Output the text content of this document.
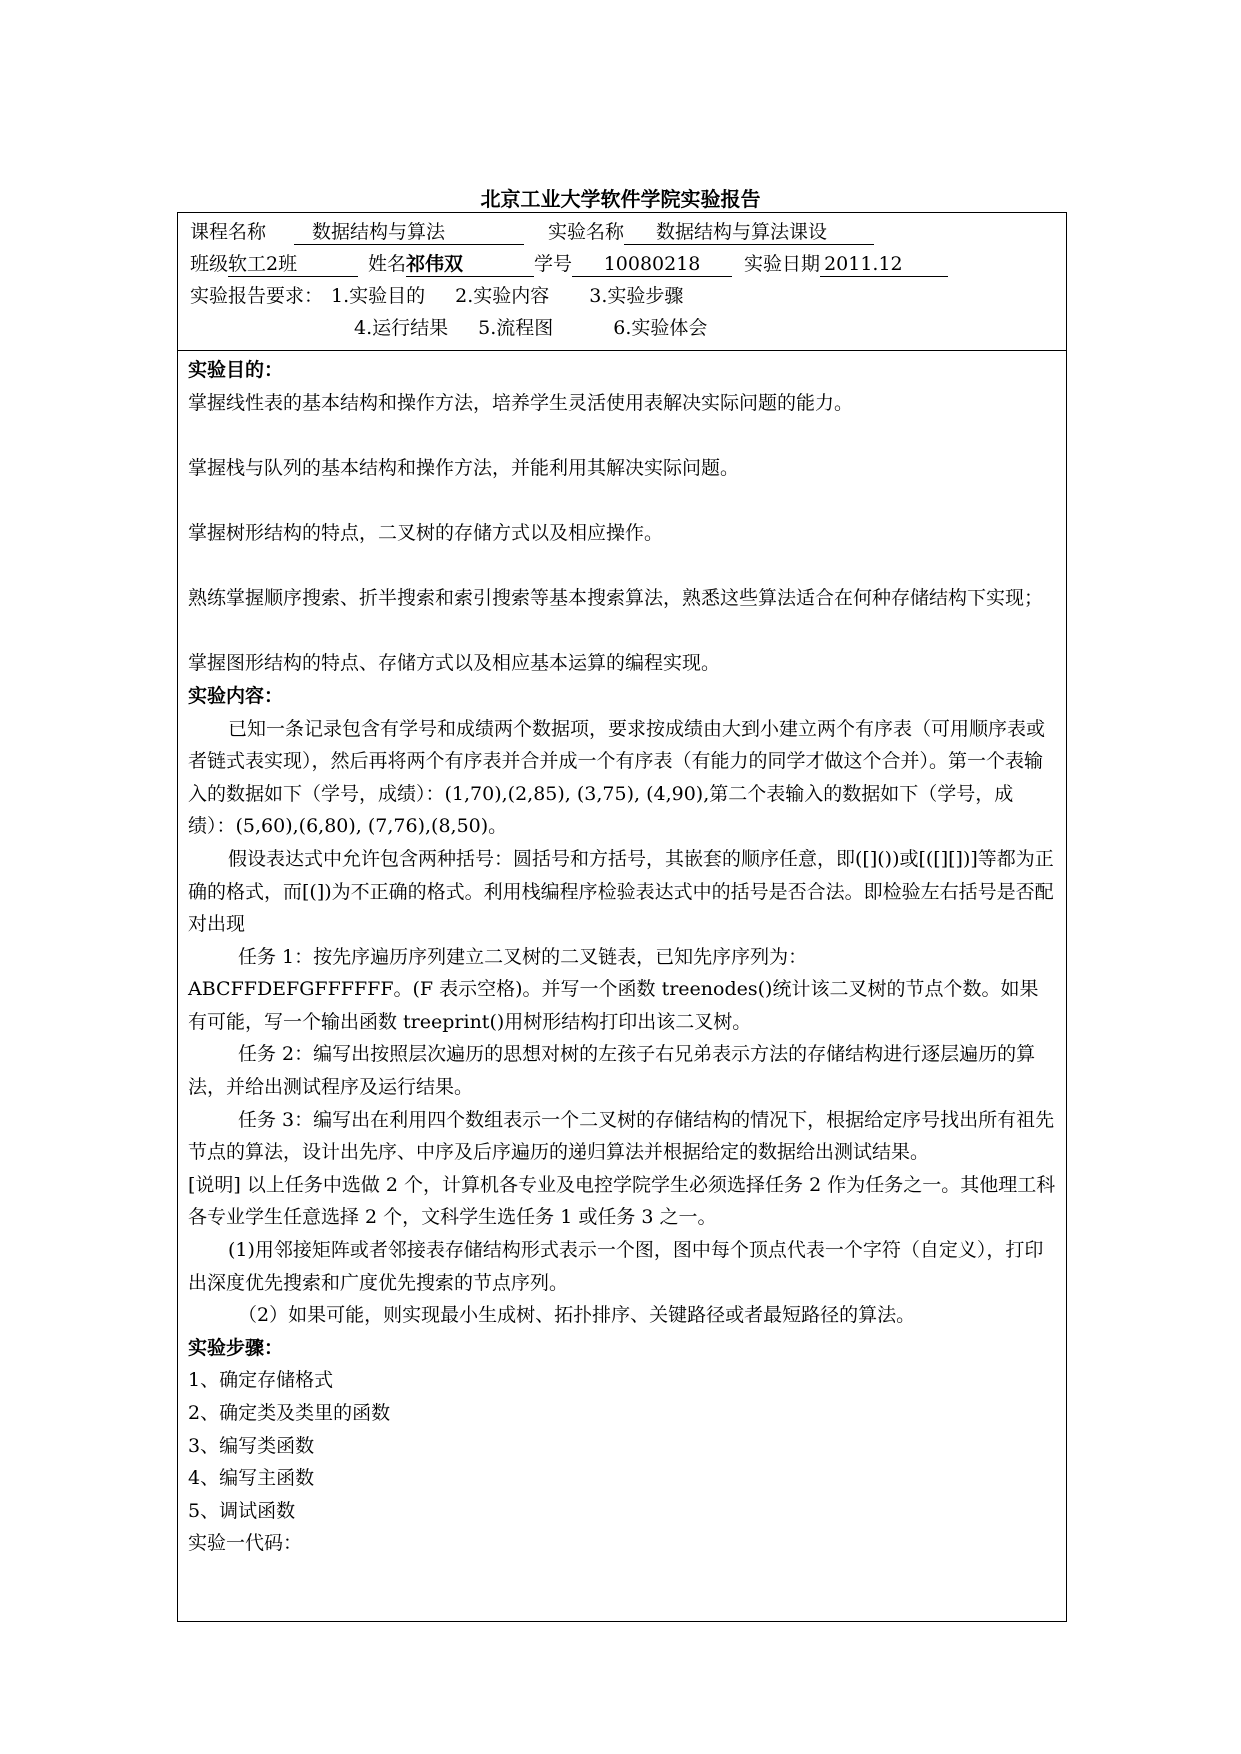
北京工业大学软件学院实验报告
课程名称 数据结构与算法	实验名称 数据结构与算法课设
班级软工2班	姓名祁伟双	学号 10080218 实验日期 2011.12
实验报告要求： 1.实验目的 2.实验内容 3.实验步骤
4.运行结果 5.流程图	6.实验体会

实验目的：

掌握线性表的基本结构和操作方法，培养学生灵活使用表解决实际问题的能力。

掌握栈与队列的基本结构和操作方法，并能利用其解决实际问题。

掌握树形结构的特点，二叉树的存储方式以及相应操作。

熟练掌握顺序搜索、折半搜索和索引搜索等基本搜索算法，熟悉这些算法适合在何种存储结构下实现；

掌握图形结构的特点、存储方式以及相应基本运算的编程实现。

实验内容：

已知一条记录包含有学号和成绩两个数据项，要求按成绩由大到小建立两个有序表（可用顺序表或者链式表实现），然后再将两个有序表并合并成一个有序表（有能力的同学才做这个合并）。第一个表输入的数据如下（学号，成绩）：(1,70),(2,85), (3,75), (4,90),第二个表输入的数据如下（学号，成绩）：(5,60),(6,80), (7,76),(8,50)。

假设表达式中允许包含两种括号：圆括号和方括号，其嵌套的顺序任意，即([]())或[([][])]等都为正确的格式，而[(])为不正确的格式。利用栈编程序检验表达式中的括号是否合法。即检验左右括号是否配对出现

任务 1：按先序遍历序列建立二叉树的二叉链表，已知先序序列为：

ABCFFDEFGFFFFFF。(F 表示空格)。并写一个函数 treenodes()统计该二叉树的节点个数。如果有可能，写一个输出函数 treeprint()用树形结构打印出该二叉树。

任务 2：编写出按照层次遍历的思想对树的左孩子右兄弟表示方法的存储结构进行逐层遍历的算法，并给出测试程序及运行结果。

任务 3：编写出在利用四个数组表示一个二叉树的存储结构的情况下，根据给定序号找出所有祖先节点的算法，设计出先序、中序及后序遍历的递归算法并根据给定的数据给出测试结果。

[说明] 以上任务中选做 2 个，计算机各专业及电控学院学生必须选择任务 2 作为任务之一。其他理工科各专业学生任意选择 2 个，文科学生选任务 1 或任务 3 之一。

(1)用邻接矩阵或者邻接表存储结构形式表示一个图，图中每个顶点代表一个字符（自定义），打印出深度优先搜索和广度优先搜索的节点序列。

（2）如果可能，则实现最小生成树、拓扑排序、关键路径或者最短路径的算法。

实验步骤：

1、确定存储格式

2、确定类及类里的函数

3、编写类函数

4、编写主函数

5、调试函数

实验一代码：
